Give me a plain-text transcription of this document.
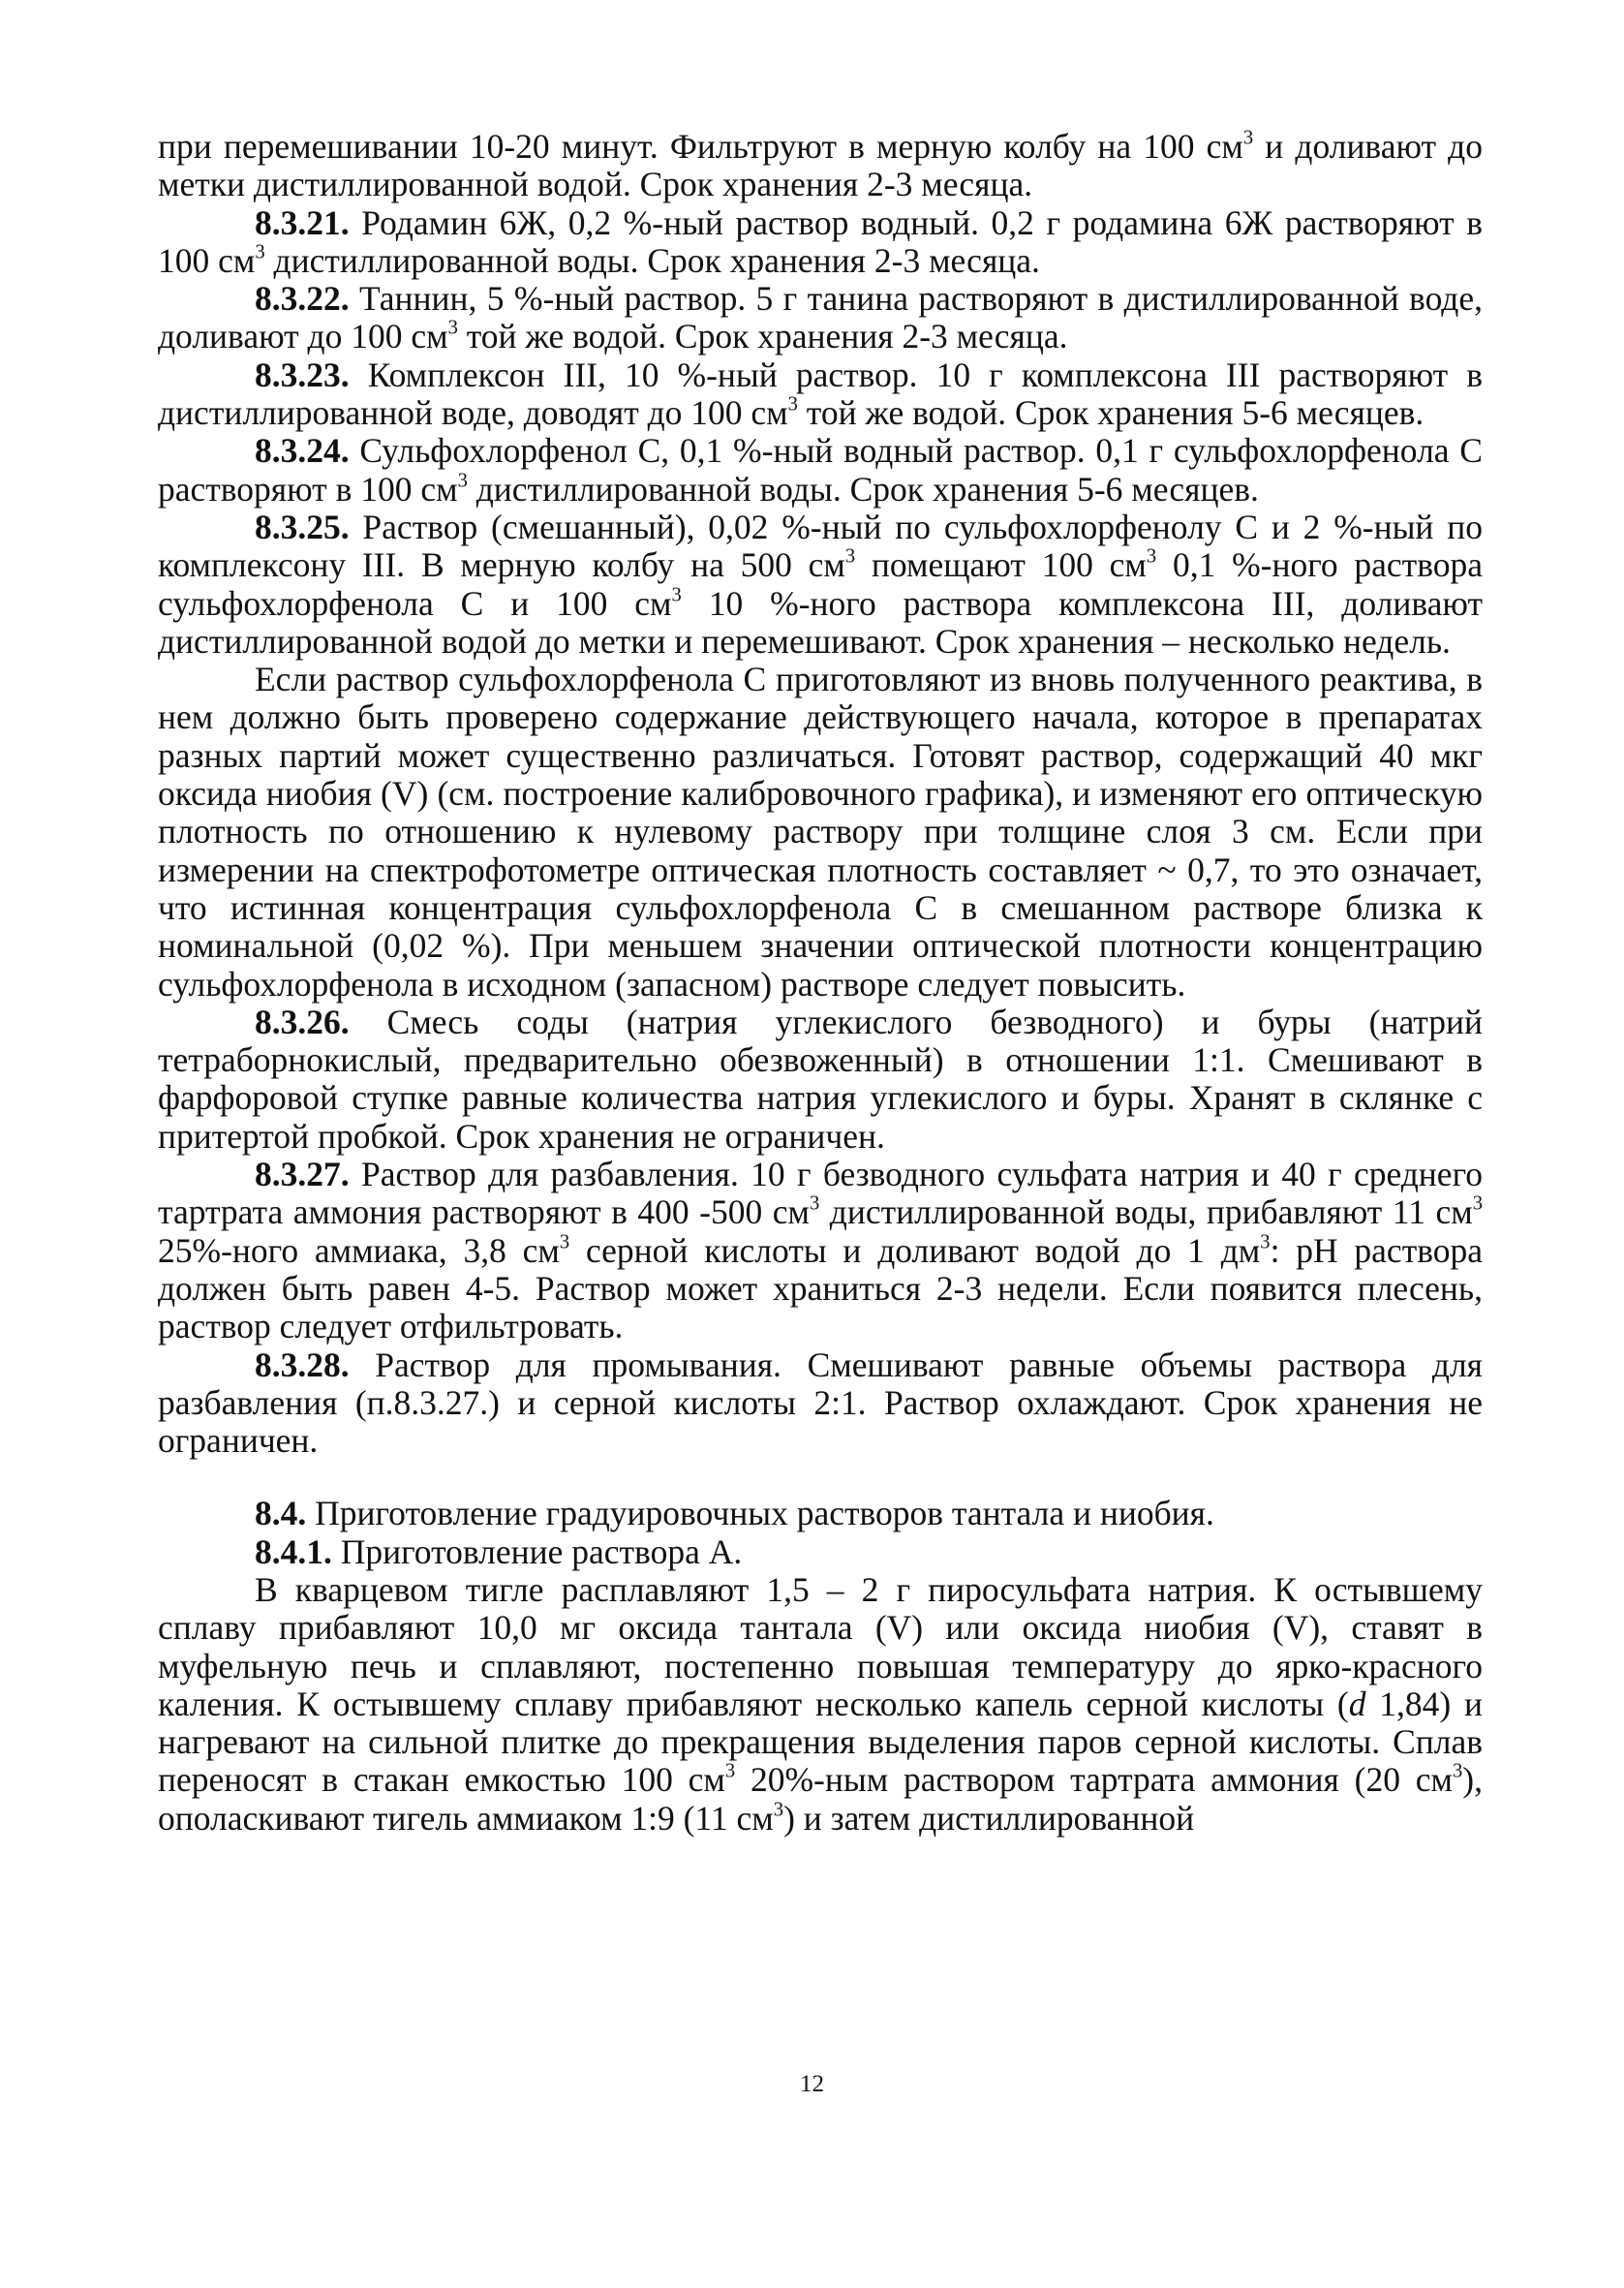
при перемешивании 10-20 минут. Фильтруют в мерную колбу на 100 $см^3$ и доливают до метки дистиллированной водой. Срок хранения 2-3 месяца.

8.3.21. Родамин 6Ж, 0,2 %-ный раствор водный. 0,2 г родамина 6Ж растворяют в 100 $см^3$ дистиллированной воды. Срок хранения 2-3 месяца.

8.3.22. Таннин, 5 %-ный раствор. 5 г танина растворяют в дистиллированной воде, доливают до 100 $см^3$ той же водой. Срок хранения 2-3 месяца.

8.3.23. Комплексон III, 10 %-ный раствор. 10 г комплексона III растворяют в дистиллированной воде, доводят до 100 $см^3$ той же водой. Срок хранения 5-6 месяцев.

8.3.24. Сульфохлорфенол С, 0,1 %-ный водный раствор. 0,1 г сульфохлорфенола С растворяют в 100 $см^3$ дистиллированной воды. Срок хранения 5-6 месяцев.

8.3.25. Раствор (смешанный), 0,02 %-ный по сульфохлорфенолу С и 2 %-ный по комплексону III. В мерную колбу на 500 $см^3$ помещают 100 $см^3$ 0,1 %-ного раствора сульфохлорфенола С и 100 $см^3$ 10 %-ного раствора комплексона III, доливают дистиллированной водой до метки и перемешивают. Срок хранения – несколько недель.

Если раствор сульфохлорфенола С приготовляют из вновь полученного реактива, в нем должно быть проверено содержание действующего начала, которое в препаратах разных партий может существенно различаться. Готовят раствор, содержащий 40 мкг оксида ниобия (V) (см. построение калибровочного графика), и изменяют его оптическую плотность по отношению к нулевому раствору при толщине слоя 3 см. Если при измерении на спектрофотометре оптическая плотность составляет ~ 0,7, то это означает, что истинная концентрация сульфохлорфенола С в смешанном растворе близка к номинальной (0,02 %). При меньшем значении оптической плотности концентрацию сульфохлорфенола в исходном (запасном) растворе следует повысить.

8.3.26. Смесь соды (натрия углекислого безводного) и буры (натрий тетраборнокислый, предварительно обезвоженный) в отношении 1:1. Смешивают в фарфоровой ступке равные количества натрия углекислого и буры. Хранят в склянке с притертой пробкой. Срок хранения не ограничен.

8.3.27. Раствор для разбавления. 10 г безводного сульфата натрия и 40 г среднего тартрата аммония растворяют в 400 -500 $см^3$ дистиллированной воды, прибавляют 11 $см^3$ 25%-ного аммиака, 3,8 $см^3$ серной кислоты и доливают водой до 1 $дм^3$: pH раствора должен быть равен 4-5. Раствор может храниться 2-3 недели. Если появится плесень, раствор следует отфильтровать.

8.3.28. Раствор для промывания. Смешивают равные объемы раствора для разбавления (п.8.3.27.) и серной кислоты 2:1. Раствор охлаждают. Срок хранения не ограничен.

8.4. Приготовление градуировочных растворов тантала и ниобия.

8.4.1. Приготовление раствора А.

В кварцевом тигле расплавляют 1,5 – 2 г пиросульфата натрия. К остывшему сплаву прибавляют 10,0 мг оксида тантала (V) или оксида ниобия (V), ставят в муфельную печь и сплавляют, постепенно повышая температуру до ярко-красного каления. К остывшему сплаву прибавляют несколько капель серной кислоты (d 1,84) и нагревают на сильной плитке до прекращения выделения паров серной кислоты. Сплав переносят в стакан емкостью 100 $см^3$ 20%-ным раствором тартрата аммония (20 $см^3$), ополаскивают тигель аммиаком 1:9 (11 $см^3$) и затем дистиллированной

12
